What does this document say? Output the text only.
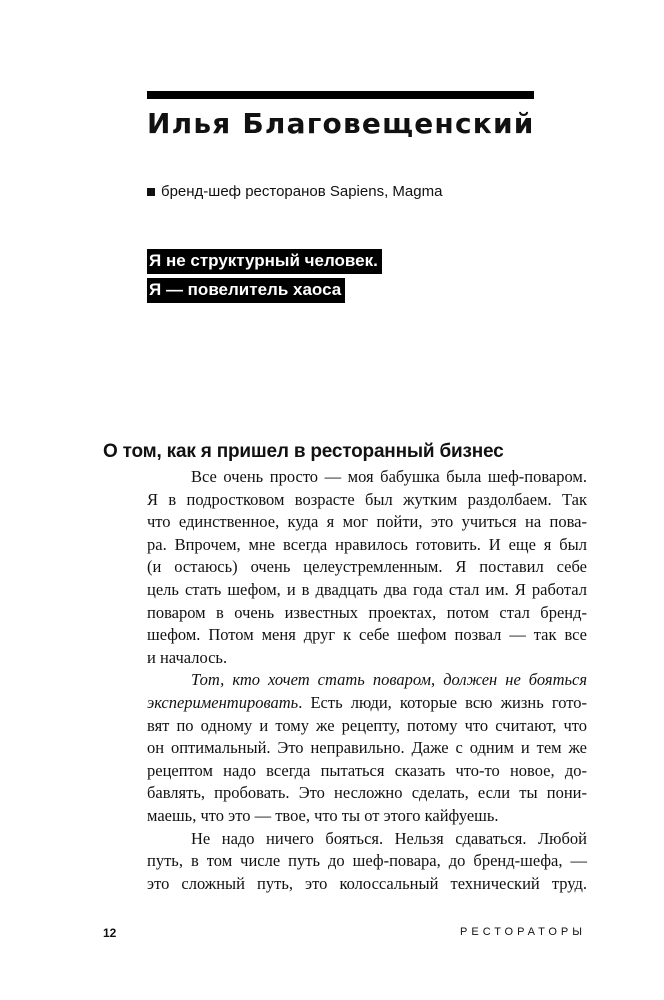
Илья Благовещенский
бренд-шеф ресторанов Sapiens, Magma
Я не структурный человек.
Я — повелитель хаоса
О том, как я пришел в ресторанный бизнес
Все очень просто — моя бабушка была шеф-поваром.
Я в подростковом возрасте был жутким раздолбаем. Так
что единственное, куда я мог пойти, это учиться на пова-
ра. Впрочем, мне всегда нравилось готовить. И еще я был
(и остаюсь) очень целеустремленным. Я поставил себе
цель стать шефом, и в двадцать два года стал им. Я работал
поваром в очень известных проектах, потом стал бренд-
шефом. Потом меня друг к себе шефом позвал — так все
и началось.
Тот, кто хочет стать поваром, должен не бояться
экспериментировать. Есть люди, которые всю жизнь гото-
вят по одному и тому же рецепту, потому что считают, что
он оптимальный. Это неправильно. Даже с одним и тем же
рецептом надо всегда пытаться сказать что-то новое, до-
бавлять, пробовать. Это несложно сделать, если ты пони-
маешь, что это — твое, что ты от этого кайфуешь.
Не надо ничего бояться. Нельзя сдаваться. Любой
путь, в том числе путь до шеф-повара, до бренд-шефа, —
это сложный путь, это колоссальный технический труд.
12	РЕСТОРАТОРЫ
